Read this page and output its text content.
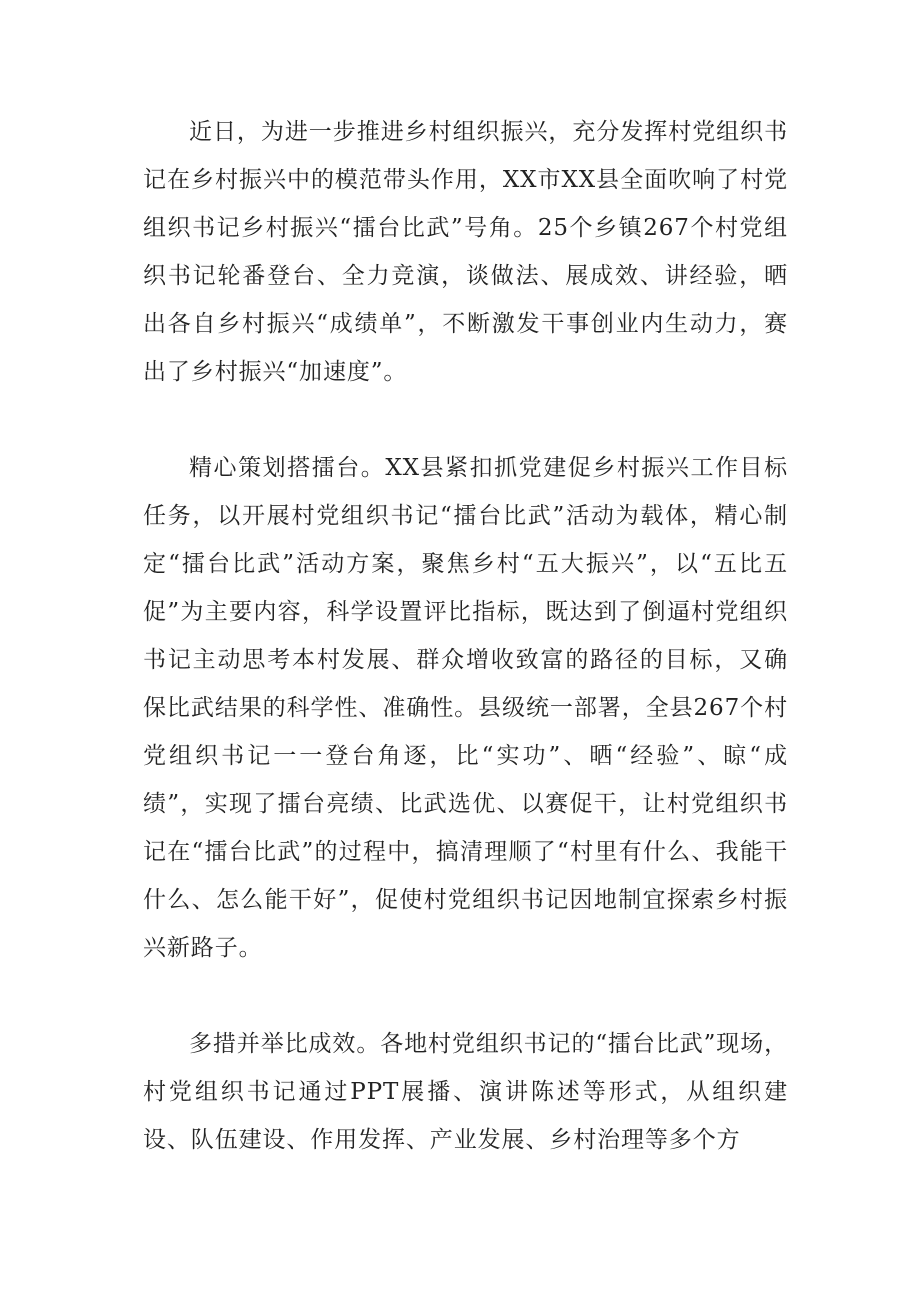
近日，为进一步推进乡村组织振兴，充分发挥村党组织书记在乡村振兴中的模范带头作用，XX市XX县全面吹响了村党组织书记乡村振兴“擂台比武”号角。25个乡镇267个村党组织书记轮番登台、全力竞演，谈做法、展成效、讲经验，晒出各自乡村振兴“成绩单”，不断激发干事创业内生动力，赛出了乡村振兴“加速度”。

精心策划搭擂台。XX县紧扣抓党建促乡村振兴工作目标任务，以开展村党组织书记“擂台比武”活动为载体，精心制定“擂台比武”活动方案，聚焦乡村“五大振兴”，以“五比五促”为主要内容，科学设置评比指标，既达到了倒逼村党组织书记主动思考本村发展、群众增收致富的路径的目标，又确保比武结果的科学性、准确性。县级统一部署，全县267个村党组织书记一一登台角逐，比“实功”、晒“经验”、晾“成绩”，实现了擂台亮绩、比武选优、以赛促干，让村党组织书记在“擂台比武”的过程中，搞清理顺了“村里有什么、我能干什么、怎么能干好”，促使村党组织书记因地制宜探索乡村振兴新路子。

多措并举比成效。各地村党组织书记的“擂台比武”现场，村党组织书记通过PPT展播、演讲陈述等形式，从组织建设、队伍建设、作用发挥、产业发展、乡村治理等多个方
